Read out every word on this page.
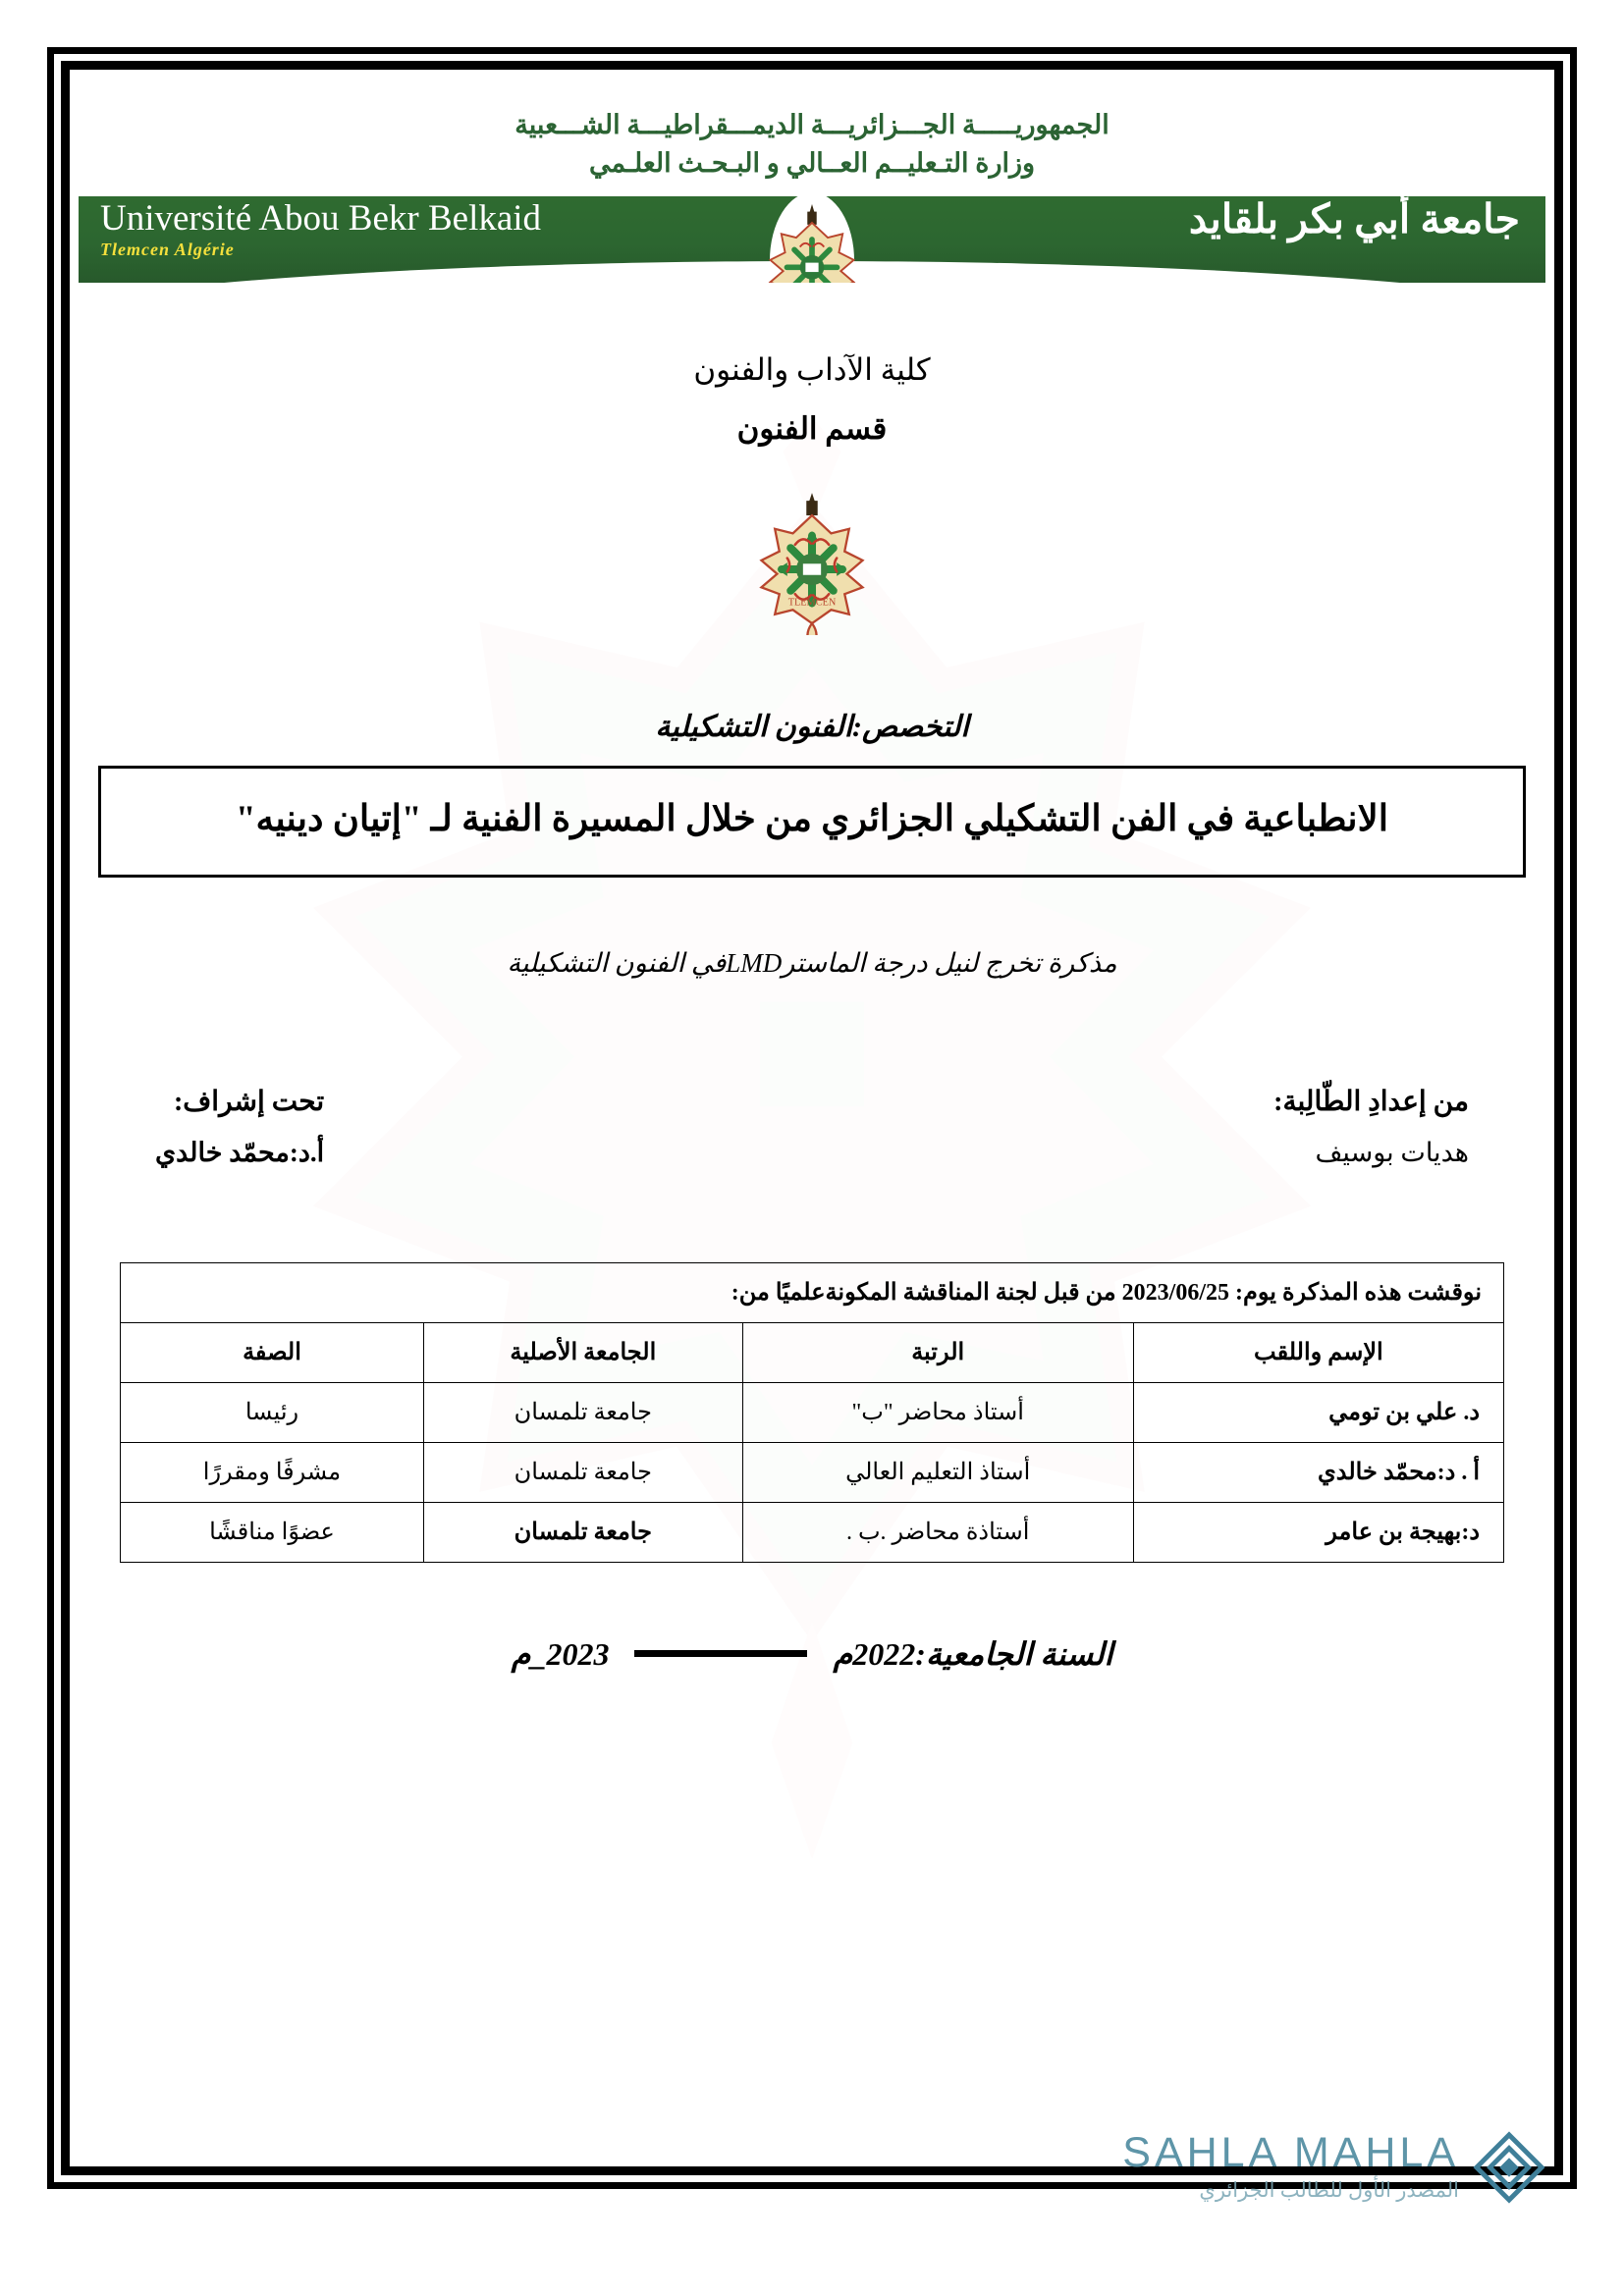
الجمهوريـــــة الجـــزائريـــة الديمـــقراطيـــة الشـــعبية
وزارة التـعليــم العــالي و البـحـث العلـمي
Université Abou Bekr Belkaid
Tlemcen Algérie
جامعة أبي بكر بلقايد
كلية الآداب والفنون
قسم الفنون
TLEMCEN
التخصص:الفنون التشكيلية
الانطباعية في الفن التشكيلي الجزائري من خلال المسيرة الفنية لـ "إتيان دينيه"
مذكرة تخرج لنيل درجة الماسترLMDفي الفنون التشكيلية
من إعدادِ الطّالِبة:
هديات بوسيف
تحت إشراف:
أ.د:محمّد خالدي
نوقشت هذه المذكرة يوم: 2023/06/25 من قبل لجنة المناقشة المكونةعلميًا من:			
الإسم واللقب	الرتبة	الجامعة الأصلية	الصفة
د. علي بن تومي	أستاذ محاضر "ب"	جامعة تلمسان	رئيسا
أ . د:محمّد خالدي	أستاذ التعليم العالي	جامعة تلمسان	مشرفًا ومقررًا
د:بهيجة بن عامر	أستاذة محاضر .ب .	جامعة تلمسان	عضوًا مناقشًا
السنة الجامعية:2022م
2023_م
SAHLA MAHLA
المصدر الأول للطالب الجزائري
